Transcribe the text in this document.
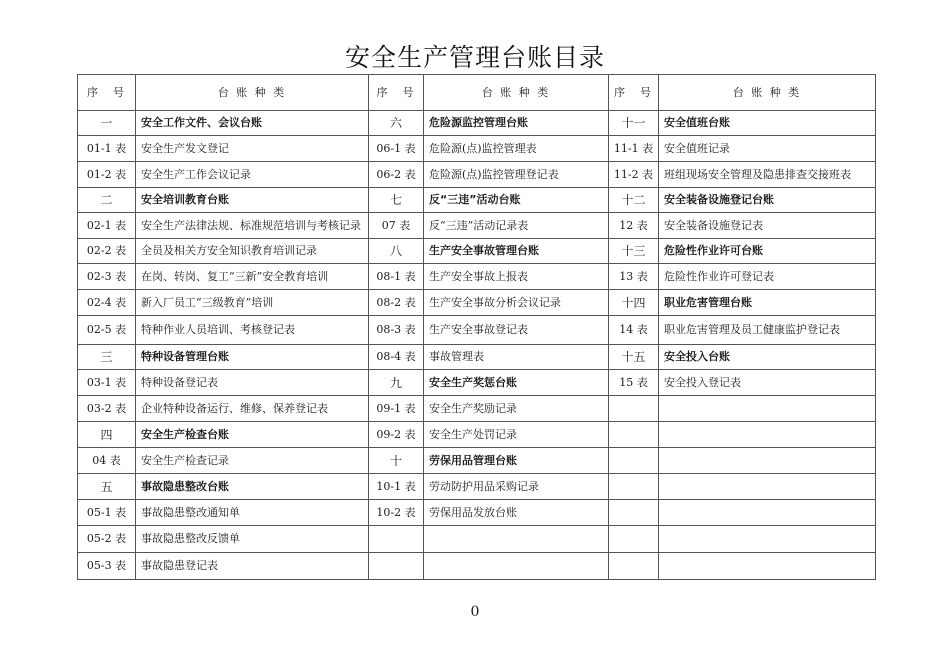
安全生产管理台账目录
序　号	台 账 种 类	序　号	台 账 种 类	序　号	台 账 种 类
一	安全工作文件、会议台账	六	危险源监控管理台账	十一	安全值班台账
01-1 表	安全生产发文登记	06-1 表	危险源(点)监控管理表	11-1 表	安全值班记录
01-2 表	安全生产工作会议记录	06-2 表	危险源(点)监控管理登记表	11-2 表	班组现场安全管理及隐患排查交接班表
二	安全培训教育台账	七	反“三违”活动台账	十二	安全装备设施登记台账
02-1 表	安全生产法律法规、标准规范培训与考核记录	07 表	反“三违”活动记录表	12 表	安全装备设施登记表
02-2 表	全员及相关方安全知识教育培训记录	八	生产安全事故管理台账	十三	危险性作业许可台账
02-3 表	在岗、转岗、复工“三新”安全教育培训	08-1 表	生产安全事故上报表	13 表	危险性作业许可登记表
02-4 表	新入厂员工“三级教育”培训	08-2 表	生产安全事故分析会议记录	十四	职业危害管理台账
02-5 表	特种作业人员培训、考核登记表	08-3 表	生产安全事故登记表	14 表	职业危害管理及员工健康监护登记表
三	特种设备管理台账	08-4 表	事故管理表	十五	安全投入台账
03-1 表	特种设备登记表	九	安全生产奖惩台账	15 表	安全投入登记表
03-2 表	企业特种设备运行、维修、保养登记表	09-1 表	安全生产奖励记录		
四	安全生产检查台账	09-2 表	安全生产处罚记录		
04 表	安全生产检查记录	十	劳保用品管理台账		
五	事故隐患整改台账	10-1 表	劳动防护用品采购记录		
05-1 表	事故隐患整改通知单	10-2 表	劳保用品发放台账		
05-2 表	事故隐患整改反馈单				
05-3 表	事故隐患登记表				
0
